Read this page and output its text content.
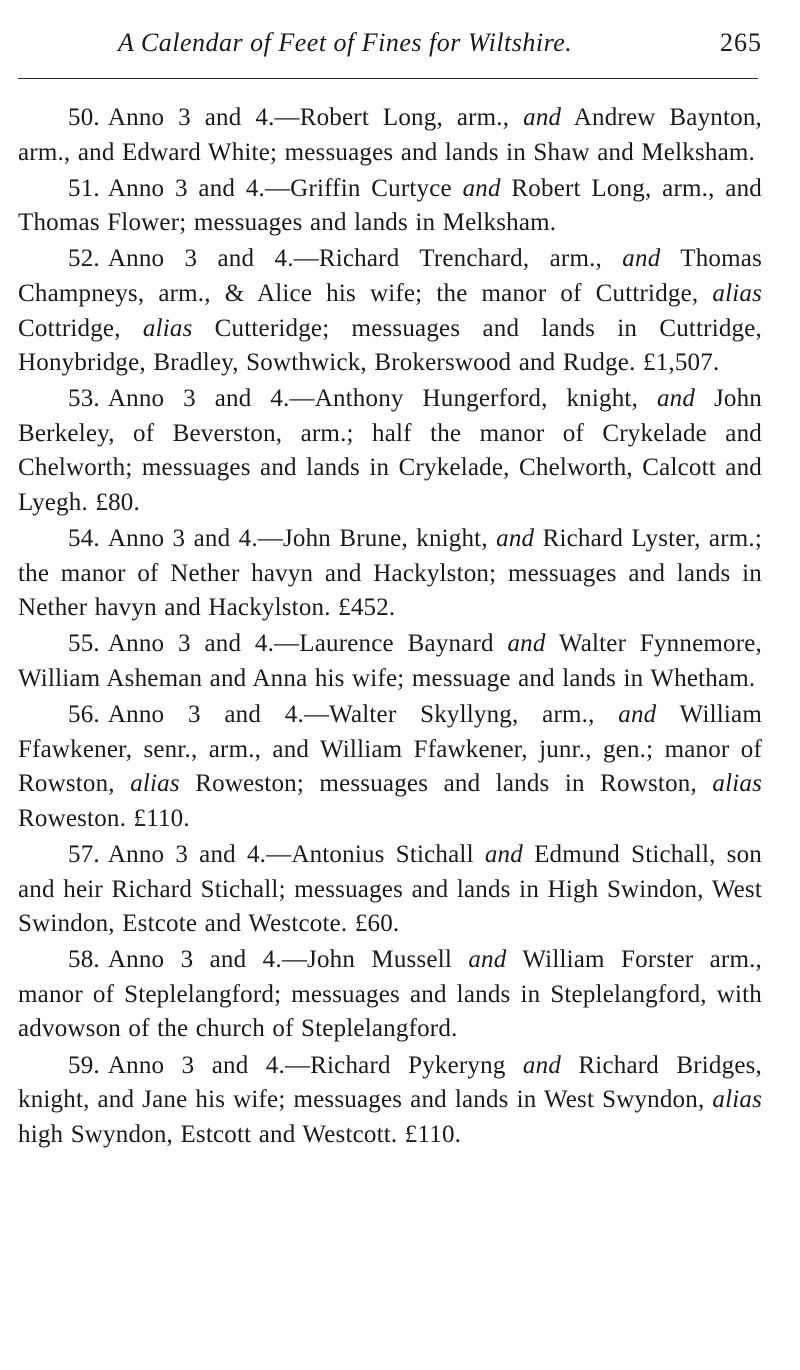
A Calendar of Feet of Fines for Wiltshire.	265

50. Anno 3 and 4.—Robert Long, arm., and Andrew Baynton, arm., and Edward White; messuages and lands in Shaw and Melksham.

51. Anno 3 and 4.—Griffin Curtyce and Robert Long, arm., and Thomas Flower; messuages and lands in Melksham.

52. Anno 3 and 4.—Richard Trenchard, arm., and Thomas Champneys, arm., & Alice his wife; the manor of Cuttridge, alias Cottridge, alias Cutteridge; messuages and lands in Cuttridge, Honybridge, Bradley, Sowthwick, Brokerswood and Rudge. £1,507.

53. Anno 3 and 4.—Anthony Hungerford, knight, and John Berkeley, of Beverston, arm.; half the manor of Crykelade and Chelworth; messuages and lands in Crykelade, Chelworth, Calcott and Lyegh. £80.

54. Anno 3 and 4.—John Brune, knight, and Richard Lyster, arm.; the manor of Nether havyn and Hackylston; messuages and lands in Nether havyn and Hackylston. £452.

55. Anno 3 and 4.—Laurence Baynard and Walter Fynnemore, William Asheman and Anna his wife; messuage and lands in Whetham.

56. Anno 3 and 4.—Walter Skyllyng, arm., and William Ffawkener, senr., arm., and William Ffawkener, junr., gen.; manor of Rowston, alias Roweston; messuages and lands in Rowston, alias Roweston. £110.

57. Anno 3 and 4.—Antonius Stichall and Edmund Stichall, son and heir Richard Stichall; messuages and lands in High Swindon, West Swindon, Estcote and Westcote. £60.

58. Anno 3 and 4.—John Mussell and William Forster arm., manor of Steplelangford; messuages and lands in Steplelangford, with advowson of the church of Steplelangford.

59. Anno 3 and 4.—Richard Pykeryng and Richard Bridges, knight, and Jane his wife; messuages and lands in West Swyndon, alias high Swyndon, Estcott and Westcott. £110.
